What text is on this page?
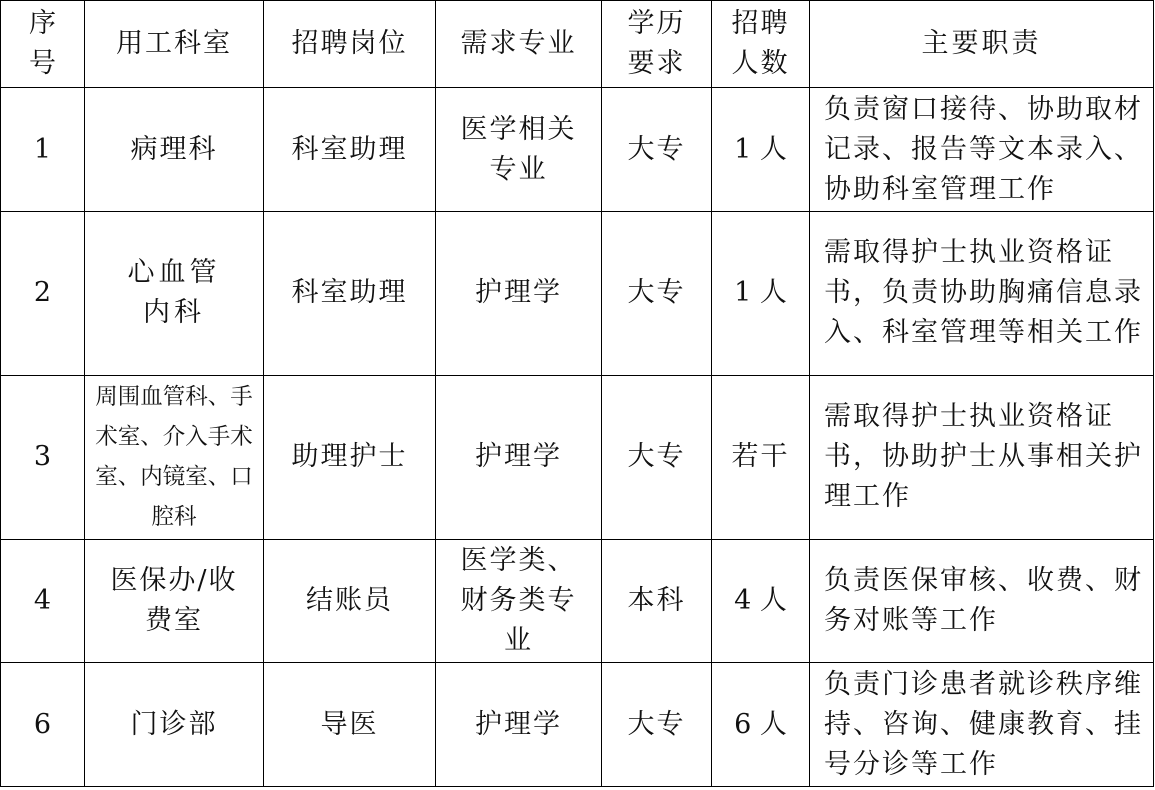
序号	用工科室	招聘岗位	需求专业	学历要求	招聘人数	主要职责
1	病理科	科室助理	医学相关专业	大专	1 人	负责窗口接待、协助取材记录、报告等文本录入、协助科室管理工作
2	心血管内科	科室助理	护理学	大专	1 人	需取得护士执业资格证书，负责协助胸痛信息录入、科室管理等相关工作
3	周围血管科、手术室、介入手术室、内镜室、口腔科	助理护士	护理学	大专	若干	需取得护士执业资格证书，协助护士从事相关护理工作
4	医保办/收费室	结账员	医学类、财务类专业	本科	4 人	负责医保审核、收费、财务对账等工作
6	门诊部	导医	护理学	大专	6 人	负责门诊患者就诊秩序维持、咨询、健康教育、挂号分诊等工作
